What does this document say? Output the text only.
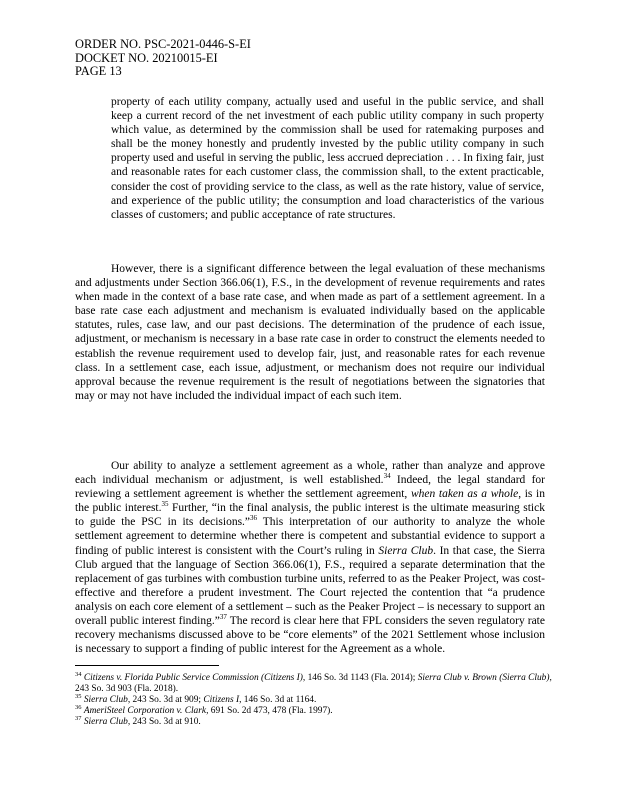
ORDER NO. PSC-2021-0446-S-EI
DOCKET NO. 20210015-EI
PAGE 13
property of each utility company, actually used and useful in the public service, and shall keep a current record of the net investment of each public utility company in such property which value, as determined by the commission shall be used for ratemaking purposes and shall be the money honestly and prudently invested by the public utility company in such property used and useful in serving the public, less accrued depreciation . . . In fixing fair, just and reasonable rates for each customer class, the commission shall, to the extent practicable, consider the cost of providing service to the class, as well as the rate history, value of service, and experience of the public utility; the consumption and load characteristics of the various classes of customers; and public acceptance of rate structures.
However, there is a significant difference between the legal evaluation of these mechanisms and adjustments under Section 366.06(1), F.S., in the development of revenue requirements and rates when made in the context of a base rate case, and when made as part of a settlement agreement. In a base rate case each adjustment and mechanism is evaluated individually based on the applicable statutes, rules, case law, and our past decisions. The determination of the prudence of each issue, adjustment, or mechanism is necessary in a base rate case in order to construct the elements needed to establish the revenue requirement used to develop fair, just, and reasonable rates for each revenue class. In a settlement case, each issue, adjustment, or mechanism does not require our individual approval because the revenue requirement is the result of negotiations between the signatories that may or may not have included the individual impact of each such item.
Our ability to analyze a settlement agreement as a whole, rather than analyze and approve each individual mechanism or adjustment, is well established.$^{34}$ Indeed, the legal standard for reviewing a settlement agreement is whether the settlement agreement, when taken as a whole, is in the public interest.$^{35}$ Further, “in the final analysis, the public interest is the ultimate measuring stick to guide the PSC in its decisions.”$^{36}$ This interpretation of our authority to analyze the whole settlement agreement to determine whether there is competent and substantial evidence to support a finding of public interest is consistent with the Court’s ruling in Sierra Club. In that case, the Sierra Club argued that the language of Section 366.06(1), F.S., required a separate determination that the replacement of gas turbines with combustion turbine units, referred to as the Peaker Project, was cost-effective and therefore a prudent investment. The Court rejected the contention that “a prudence analysis on each core element of a settlement – such as the Peaker Project – is necessary to support an overall public interest finding.”$^{37}$ The record is clear here that FPL considers the seven regulatory rate recovery mechanisms discussed above to be “core elements” of the 2021 Settlement whose inclusion is necessary to support a finding of public interest for the Agreement as a whole.

$^{34}$ Citizens v. Florida Public Service Commission (Citizens I), 146 So. 3d 1143 (Fla. 2014); Sierra Club v. Brown (Sierra Club), 243 So. 3d 903 (Fla. 2018).

$^{35}$ Sierra Club, 243 So. 3d at 909; Citizens I, 146 So. 3d at 1164.

$^{36}$ AmeriSteel Corporation v. Clark, 691 So. 2d 473, 478 (Fla. 1997).

$^{37}$ Sierra Club, 243 So. 3d at 910.
